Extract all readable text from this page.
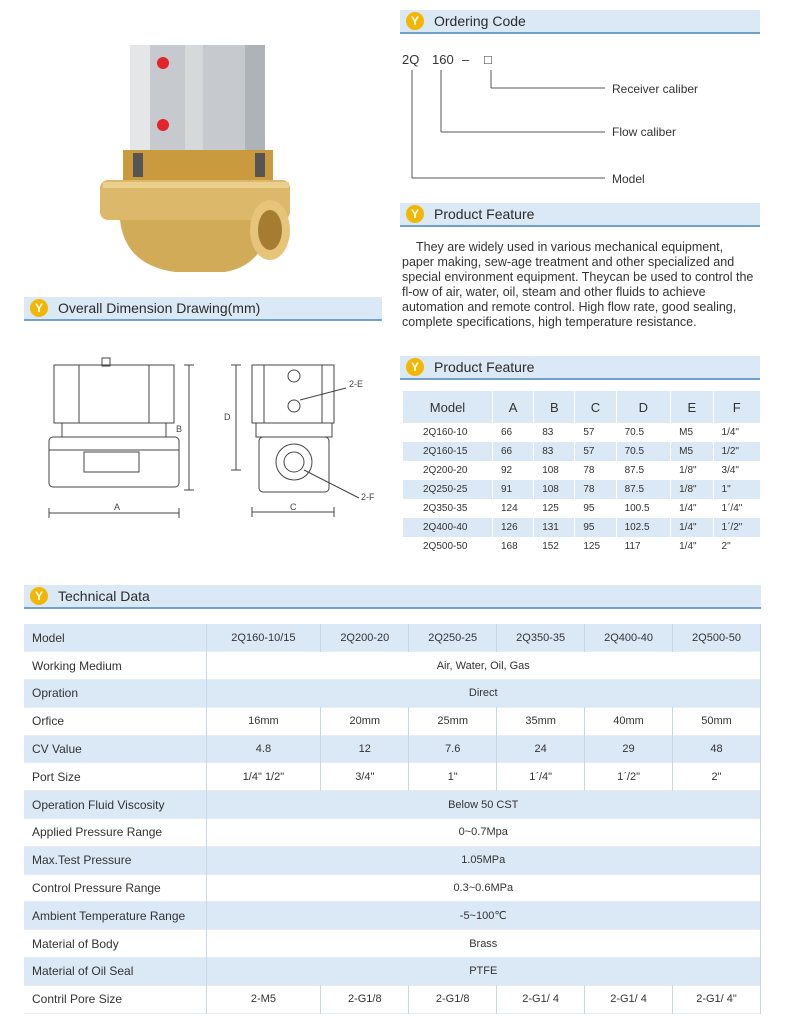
Y	Ordering Code
2Q 160 – □
Receiver caliber
Flow caliber
Model
Y	Product Feature

They are widely used in various mechanical equipment, paper making, sew-age treatment and other specialized and special environment equipment. Theycan be used to control the fl-ow of air, water, oil, steam and other fluids to achieve automation and remote control. High flow rate, good sealing, complete specifications, high temperature resistance.

Y	Overall Dimension Drawing(mm)
A
B
C
D
2-E
2-F
Y	Product Feature
Model	A	B	C	D	E	F
2Q160-10	66	83	57	70.5	M5	1/4"
2Q160-15	66	83	57	70.5	M5	1/2"
2Q200-20	92	108	78	87.5	1/8"	3/4"
2Q250-25	91	108	78	87.5	1/8"	1"
2Q350-35	124	125	95	100.5	1/4"	1ˊ/4"
2Q400-40	126	131	95	102.5	1/4"	1ˊ/2"
2Q500-50	168	152	125	117	1/4"	2"
Y	Technical Data
Model	2Q160-10/15	2Q200-20	2Q250-25	2Q350-35	2Q400-40	2Q500-50
Working Medium	Air, Water, Oil, Gas					
Opration	Direct					
Orfice	16mm	20mm	25mm	35mm	40mm	50mm
CV Value	4.8	12	7.6	24	29	48
Port Size	1/4" 1/2"	3/4"	1"	1ˊ/4"	1ˊ/2"	2"
Operation Fluid Viscosity	Below 50 CST					
Applied Pressure Range	0~0.7Mpa					
Max.Test Pressure	1.05MPa					
Control Pressure Range	0.3~0.6MPa					
Ambient Temperature Range	-5~100℃					
Material of Body	Brass					
Material of Oil Seal	PTFE					
Contril Pore Size	2-M5	2-G1/8	2-G1/8	2-G1/ 4	2-G1/ 4	2-G1/ 4"
